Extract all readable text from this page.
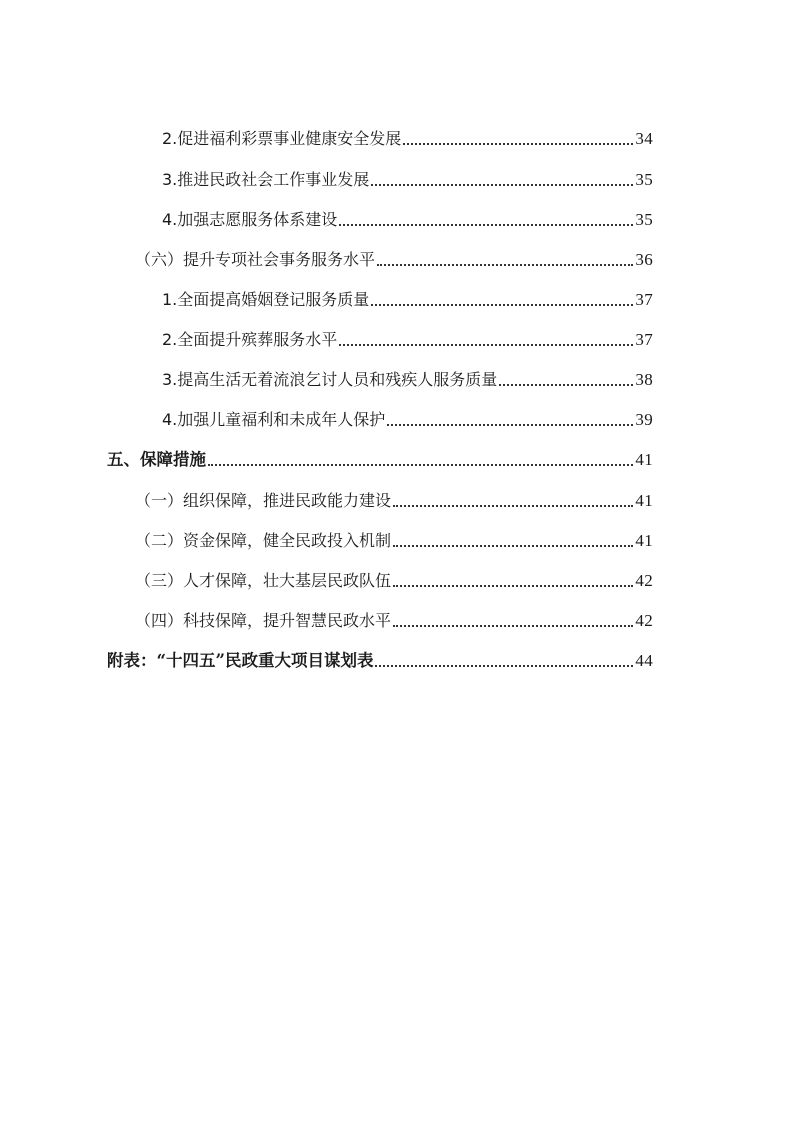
2.促进福利彩票事业健康安全发展	34
3.推进民政社会工作事业发展	35
4.加强志愿服务体系建设	35
（六）提升专项社会事务服务水平	36
1.全面提高婚姻登记服务质量	37
2.全面提升殡葬服务水平	37
3.提高生活无着流浪乞讨人员和残疾人服务质量	38
4.加强儿童福利和未成年人保护	39
五、保障措施	41
（一）组织保障，推进民政能力建设	41
（二）资金保障，健全民政投入机制	41
（三）人才保障，壮大基层民政队伍	42
（四）科技保障，提升智慧民政水平	42
附表：“十四五”民政重大项目谋划表	44
